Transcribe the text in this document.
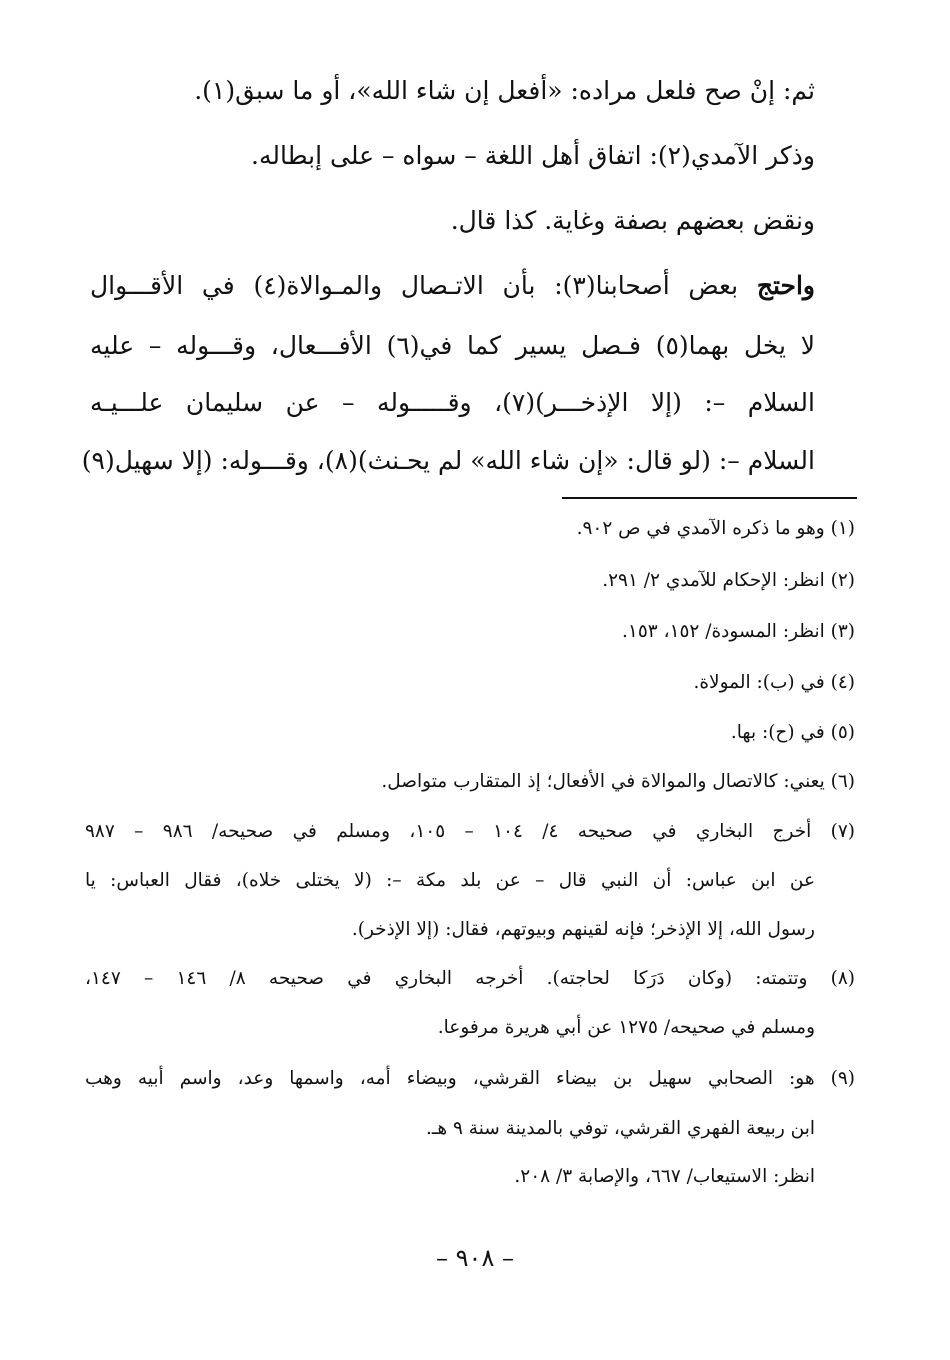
ثم: إنْ صح فلعل مراده: «أفعل إن شاء الله»، أو ما سبق(١).
وذكر الآمدي(٢): اتفاق أهل اللغة – سواه – على إبطاله.
ونقض بعضهم بصفة وغاية. كذا قال.
واحتج بعض أصحابنا(٣): بأن الاتـصال والمـوالاة(٤) في الأقـــوال
لا يخل بهما(٥) فـصل يسير كما في(٦) الأفـــعال، وقـــوله – عليه
السلام –: (إلا الإذخـــر)(٧)، وقـــــوله – عن سليمان علـــيـه
السلام –: (لو قال: «إن شاء الله» لم يحـنث)(٨)، وقـــوله: (إلا سهيل(٩)
(١) وهو ما ذكره الآمدي في ص ٩٠٢.
(٢) انظر: الإحكام للآمدي ٢/ ٢٩١.
(٣) انظر: المسودة/ ١٥٢، ١٥٣.
(٤) في (ب): المولاة.
(٥) في (ح): بها.
(٦) يعني: كالاتصال والموالاة في الأفعال؛ إذ المتقارب متواصل.
(٧) أخرج البخاري في صحيحه ٤/ ١٠٤ – ١٠٥، ومسلم في صحيحه/ ٩٨٦ – ٩٨٧
عن ابن عباس: أن النبي قال – عن بلد مكة –: (لا يختلى خلاه)، فقال العباس: يا
رسول الله، إلا الإذخر؛ فإنه لقينهم وبيوتهم، فقال: (إلا الإذخر).
(٨) وتتمته: (وكان دَرَكا لحاجته). أخرجه البخاري في صحيحه ٨/ ١٤٦ – ١٤٧،
ومسلم في صحيحه/ ١٢٧٥ عن أبي هريرة مرفوعا.
(٩) هو: الصحابي سهيل بن بيضاء القرشي، وبيضاء أمه، واسمها وعد، واسم أبيه وهب
ابن ربيعة الفهري القرشي، توفي بالمدينة سنة ٩ هـ.
انظر: الاستيعاب/ ٦٦٧، والإصابة ٣/ ٢٠٨.
– ٩٠٨ –
